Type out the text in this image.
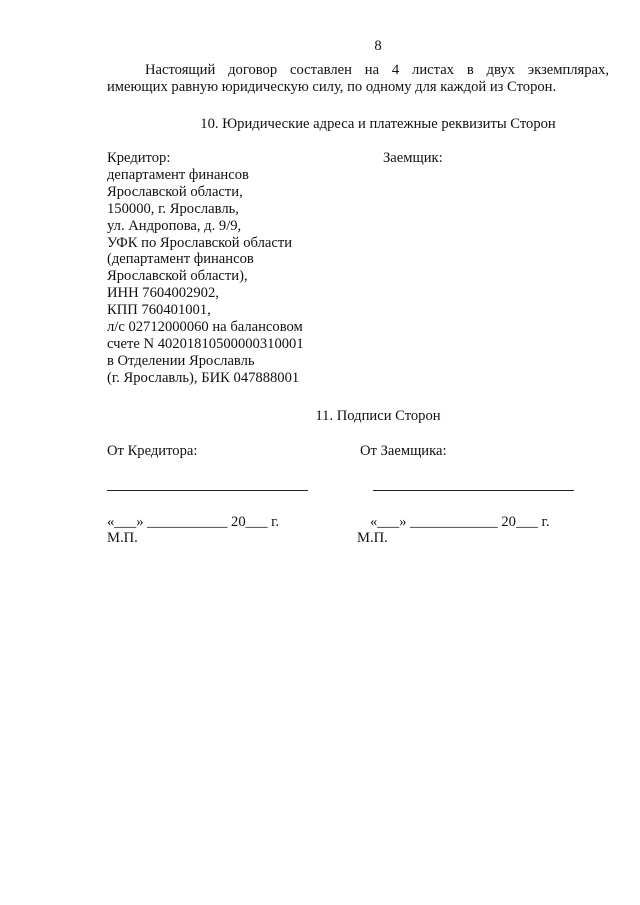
8
Настоящий договор составлен на 4 листах в двух экземплярах,
имеющих равную юридическую силу, по одному для каждой из Сторон.
10. Юридические адреса и платежные реквизиты Сторон
Кредитор:
департамент финансов
Ярославской области,
150000, г. Ярославль,
ул. Андропова, д. 9/9,
УФК по Ярославской области
(департамент финансов
Ярославской области),
ИНН 7604002902,
КПП 760401001,
л/с 02712000060 на балансовом
счете N 40201810500000310001
в Отделении Ярославль
(г. Ярославль), БИК 047888001
Заемщик:
11. Подписи Сторон
От Кредитора:	От Заемщика:
«___» ___________ 20___ г.	«___» ____________ 20___ г.
М.П.	М.П.
